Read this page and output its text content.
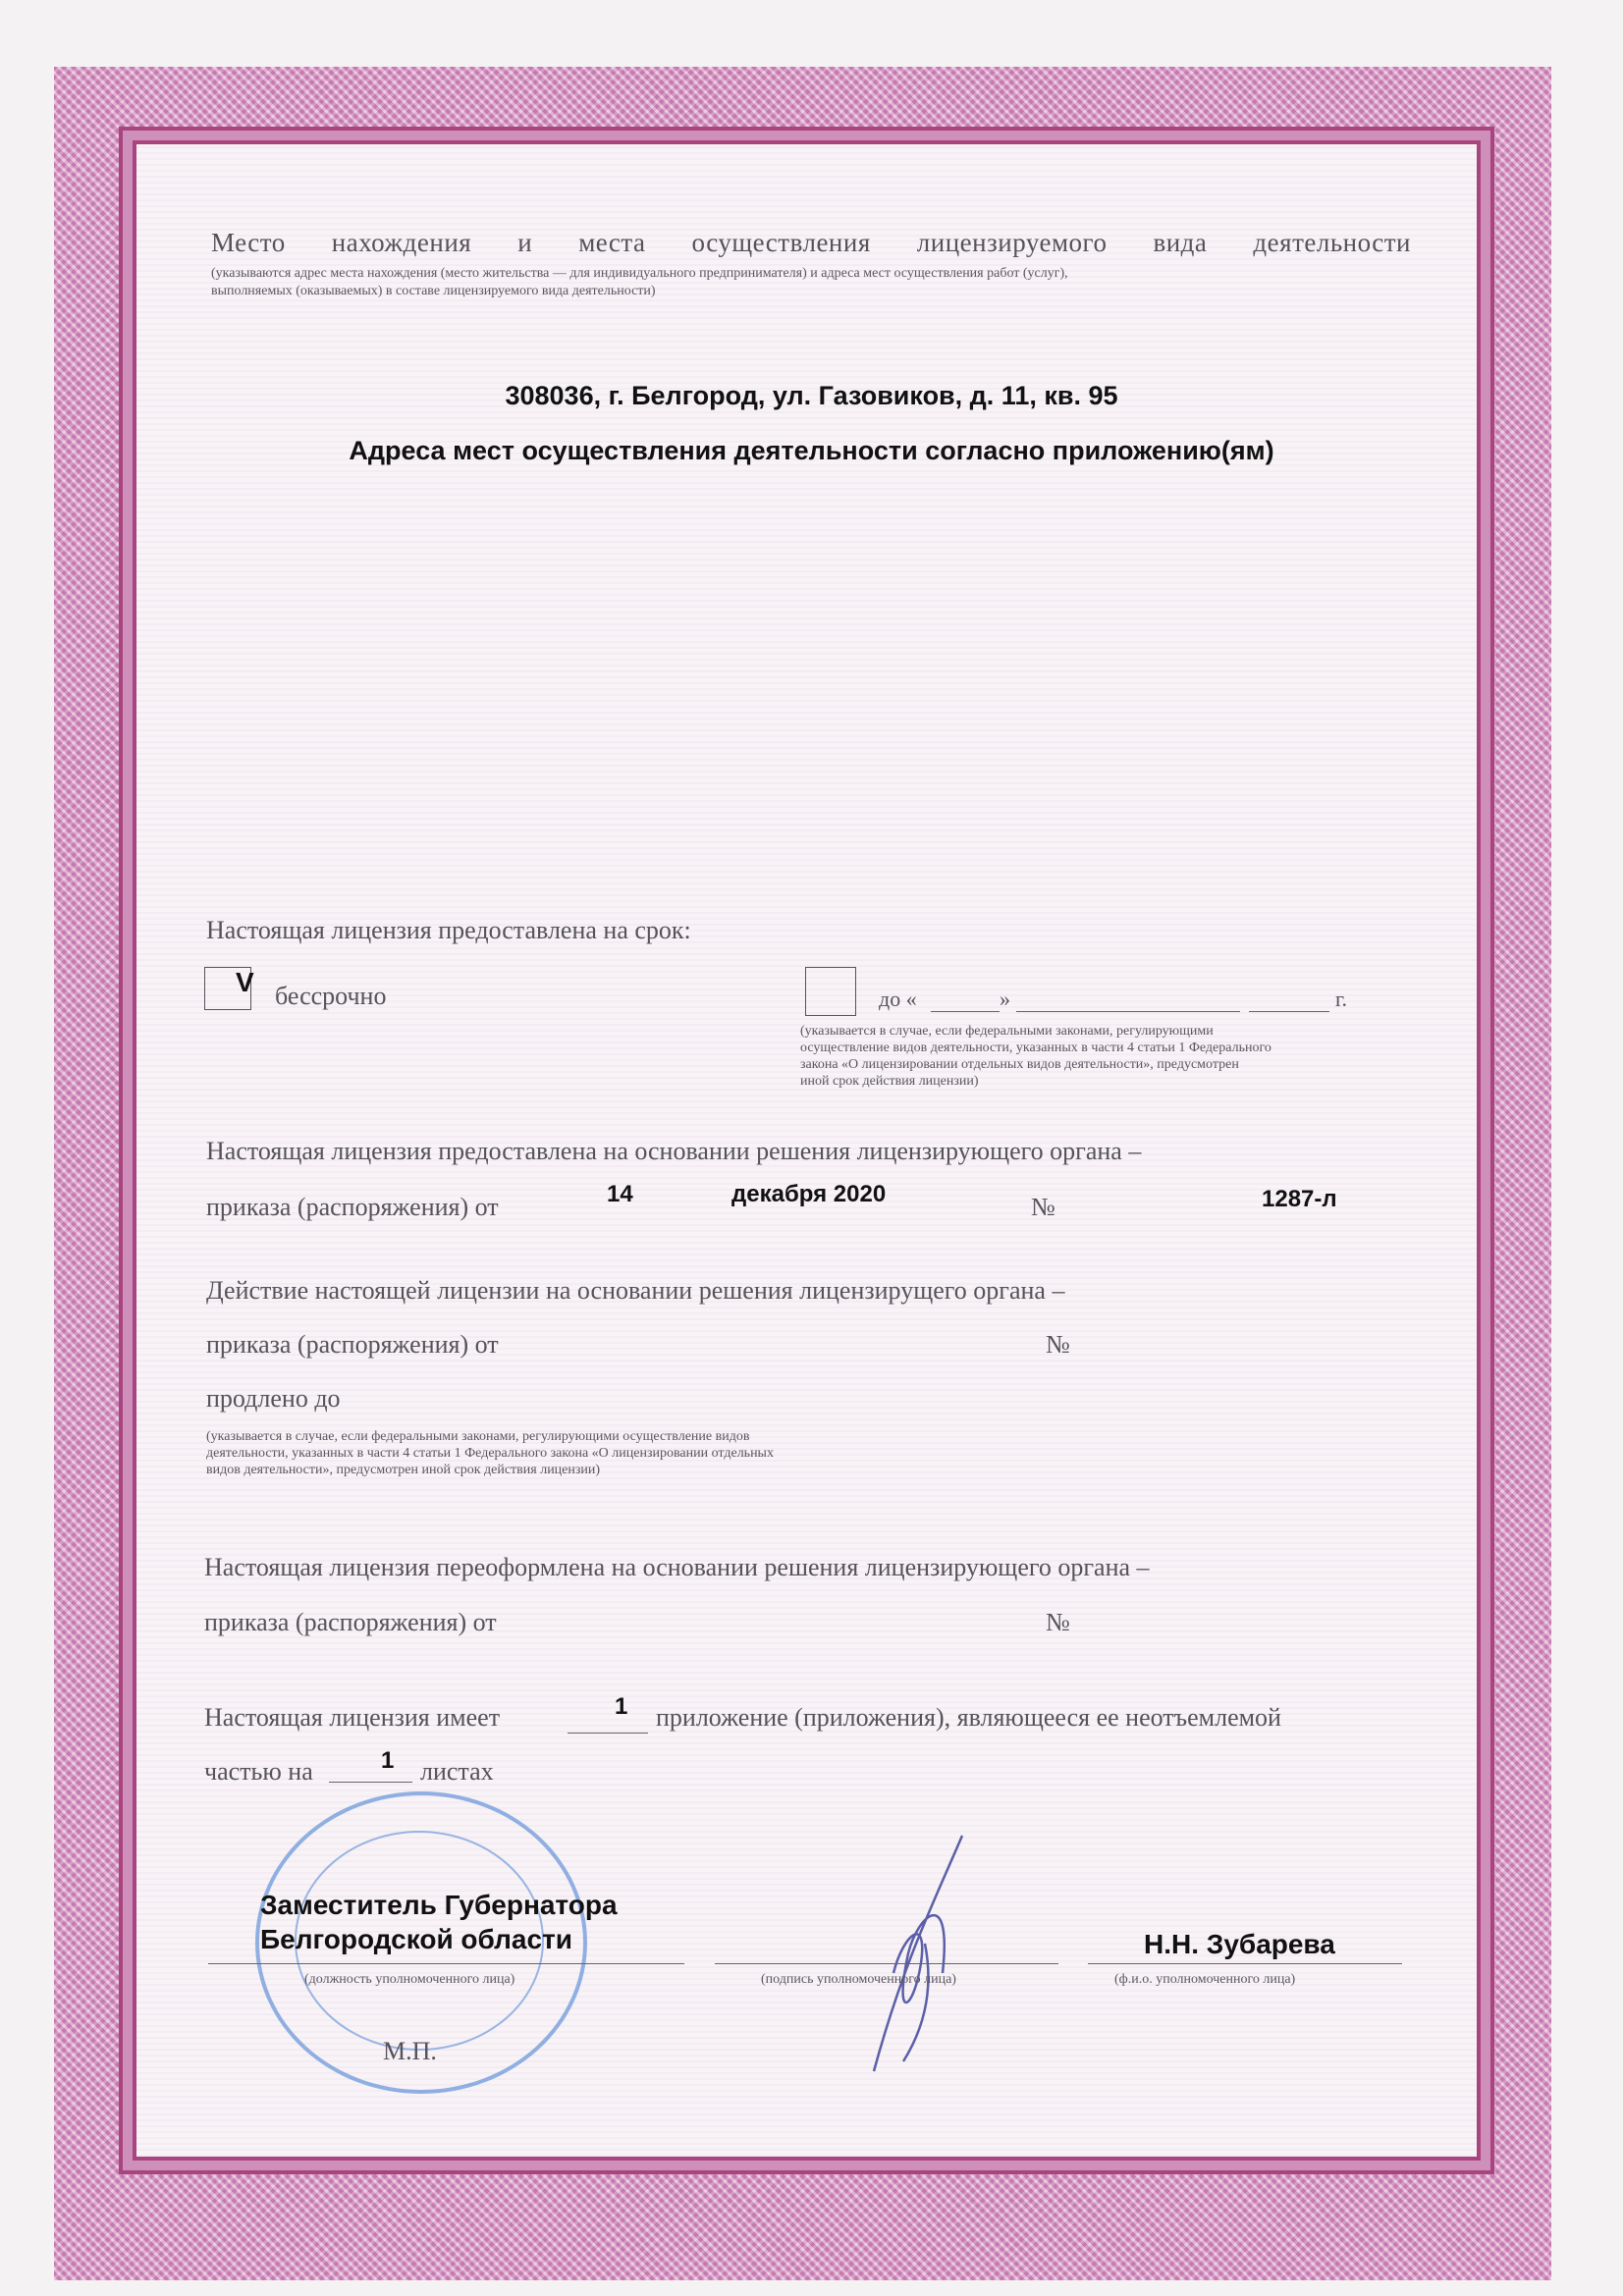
Место нахождения и места осуществления лицензируемого вида деятельности
(указываются адрес места нахождения (место жительства — для индивидуального предпринимателя) и адреса мест осуществления работ (услуг),
выполняемых (оказываемых) в составе лицензируемого вида деятельности)
308036, г. Белгород, ул. Газовиков, д. 11, кв. 95
Адреса мест осуществления деятельности согласно приложению(ям)
Настоящая лицензия предоставлена на срок:
V бессрочно	до «	»	г.
(указывается в случае, если федеральными законами, регулирующими
осуществление видов деятельности, указанных в части 4 статьи 1 Федерального
закона «О лицензировании отдельных видов деятельности», предусмотрен
иной срок действия лицензии)
Настоящая лицензия предоставлена на основании решения лицензирующего органа –
приказа (распоряжения) от	14	декабря 2020	№	1287-л
Действие настоящей лицензии на основании решения лицензирущего органа –
приказа (распоряжения) от	№
продлено до
(указывается в случае, если федеральными законами, регулирующими осуществление видов
деятельности, указанных в части 4 статьи 1 Федерального закона «О лицензировании отдельных
видов деятельности», предусмотрен иной срок действия лицензии)
Настоящая лицензия переоформлена на основании решения лицензирующего органа –
приказа (распоряжения) от	№
Настоящая лицензия имеет	1 приложение (приложения), являющееся ее неотъемлемой
частью на	1 листах
Заместитель Губернатора
Белгородской области
(должность уполномоченного лица)	(подпись уполномоченного лица)
Н.Н. Зубарева
(ф.и.о. уполномоченного лица)
М.П.
